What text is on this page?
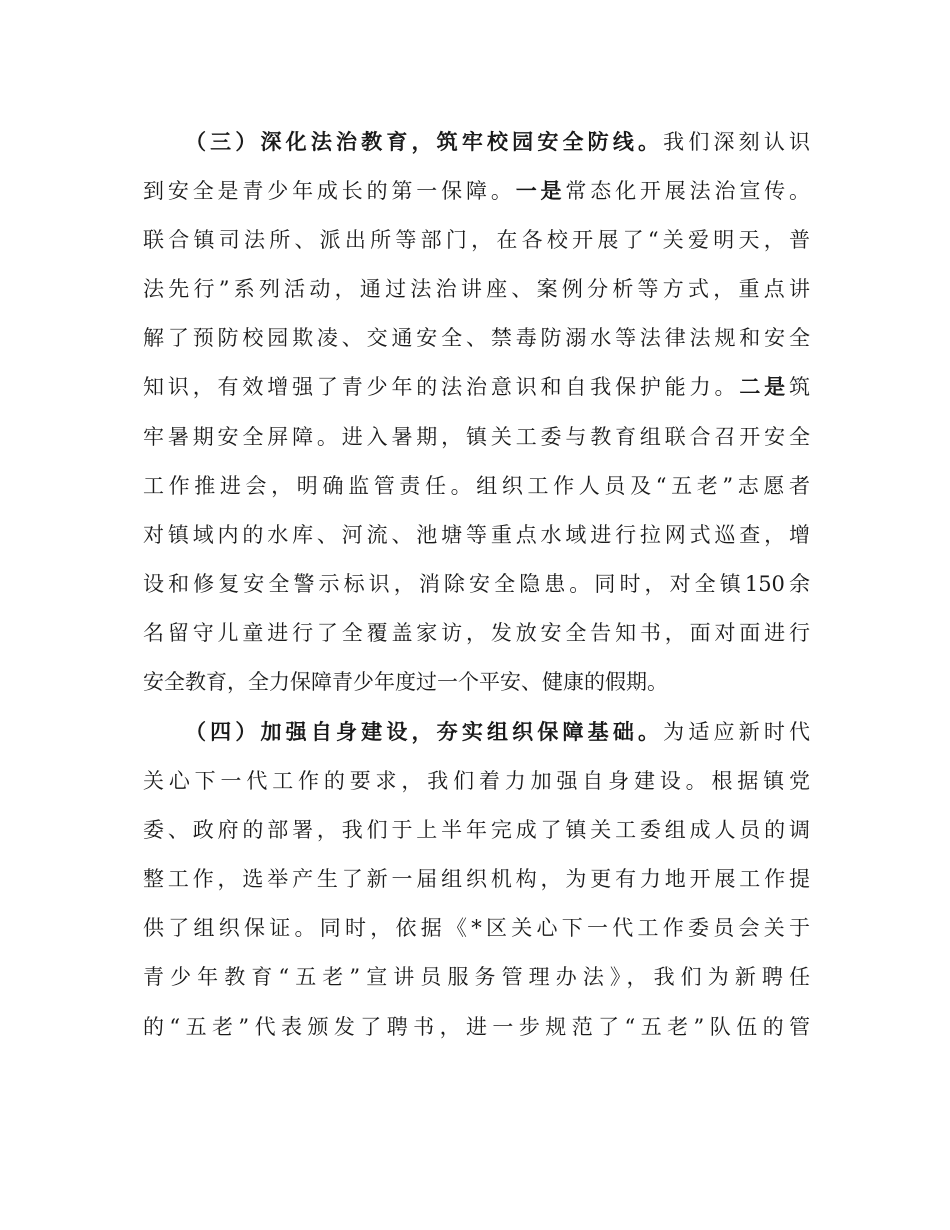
（三）深化法治教育，筑牢校园安全防线。我们深刻认识
到安全是青少年成长的第一保障。一是常态化开展法治宣传。
联合镇司法所、派出所等部门，在各校开展了“关爱明天，普
法先行”系列活动，通过法治讲座、案例分析等方式，重点讲
解了预防校园欺凌、交通安全、禁毒防溺水等法律法规和安全
知识，有效增强了青少年的法治意识和自我保护能力。二是筑
牢暑期安全屏障。进入暑期，镇关工委与教育组联合召开安全
工作推进会，明确监管责任。组织工作人员及“五老”志愿者
对镇域内的水库、河流、池塘等重点水域进行拉网式巡查，增
设和修复安全警示标识，消除安全隐患。同时，对全镇150余
名留守儿童进行了全覆盖家访，发放安全告知书，面对面进行
安全教育，全力保障青少年度过一个平安、健康的假期。
（四）加强自身建设，夯实组织保障基础。为适应新时代
关心下一代工作的要求，我们着力加强自身建设。根据镇党
委、政府的部署，我们于上半年完成了镇关工委组成人员的调
整工作，选举产生了新一届组织机构，为更有力地开展工作提
供了组织保证。同时，依据《*区关心下一代工作委员会关于
青少年教育“五老”宣讲员服务管理办法》，我们为新聘任
的“五老”代表颁发了聘书，进一步规范了“五老”队伍的管
